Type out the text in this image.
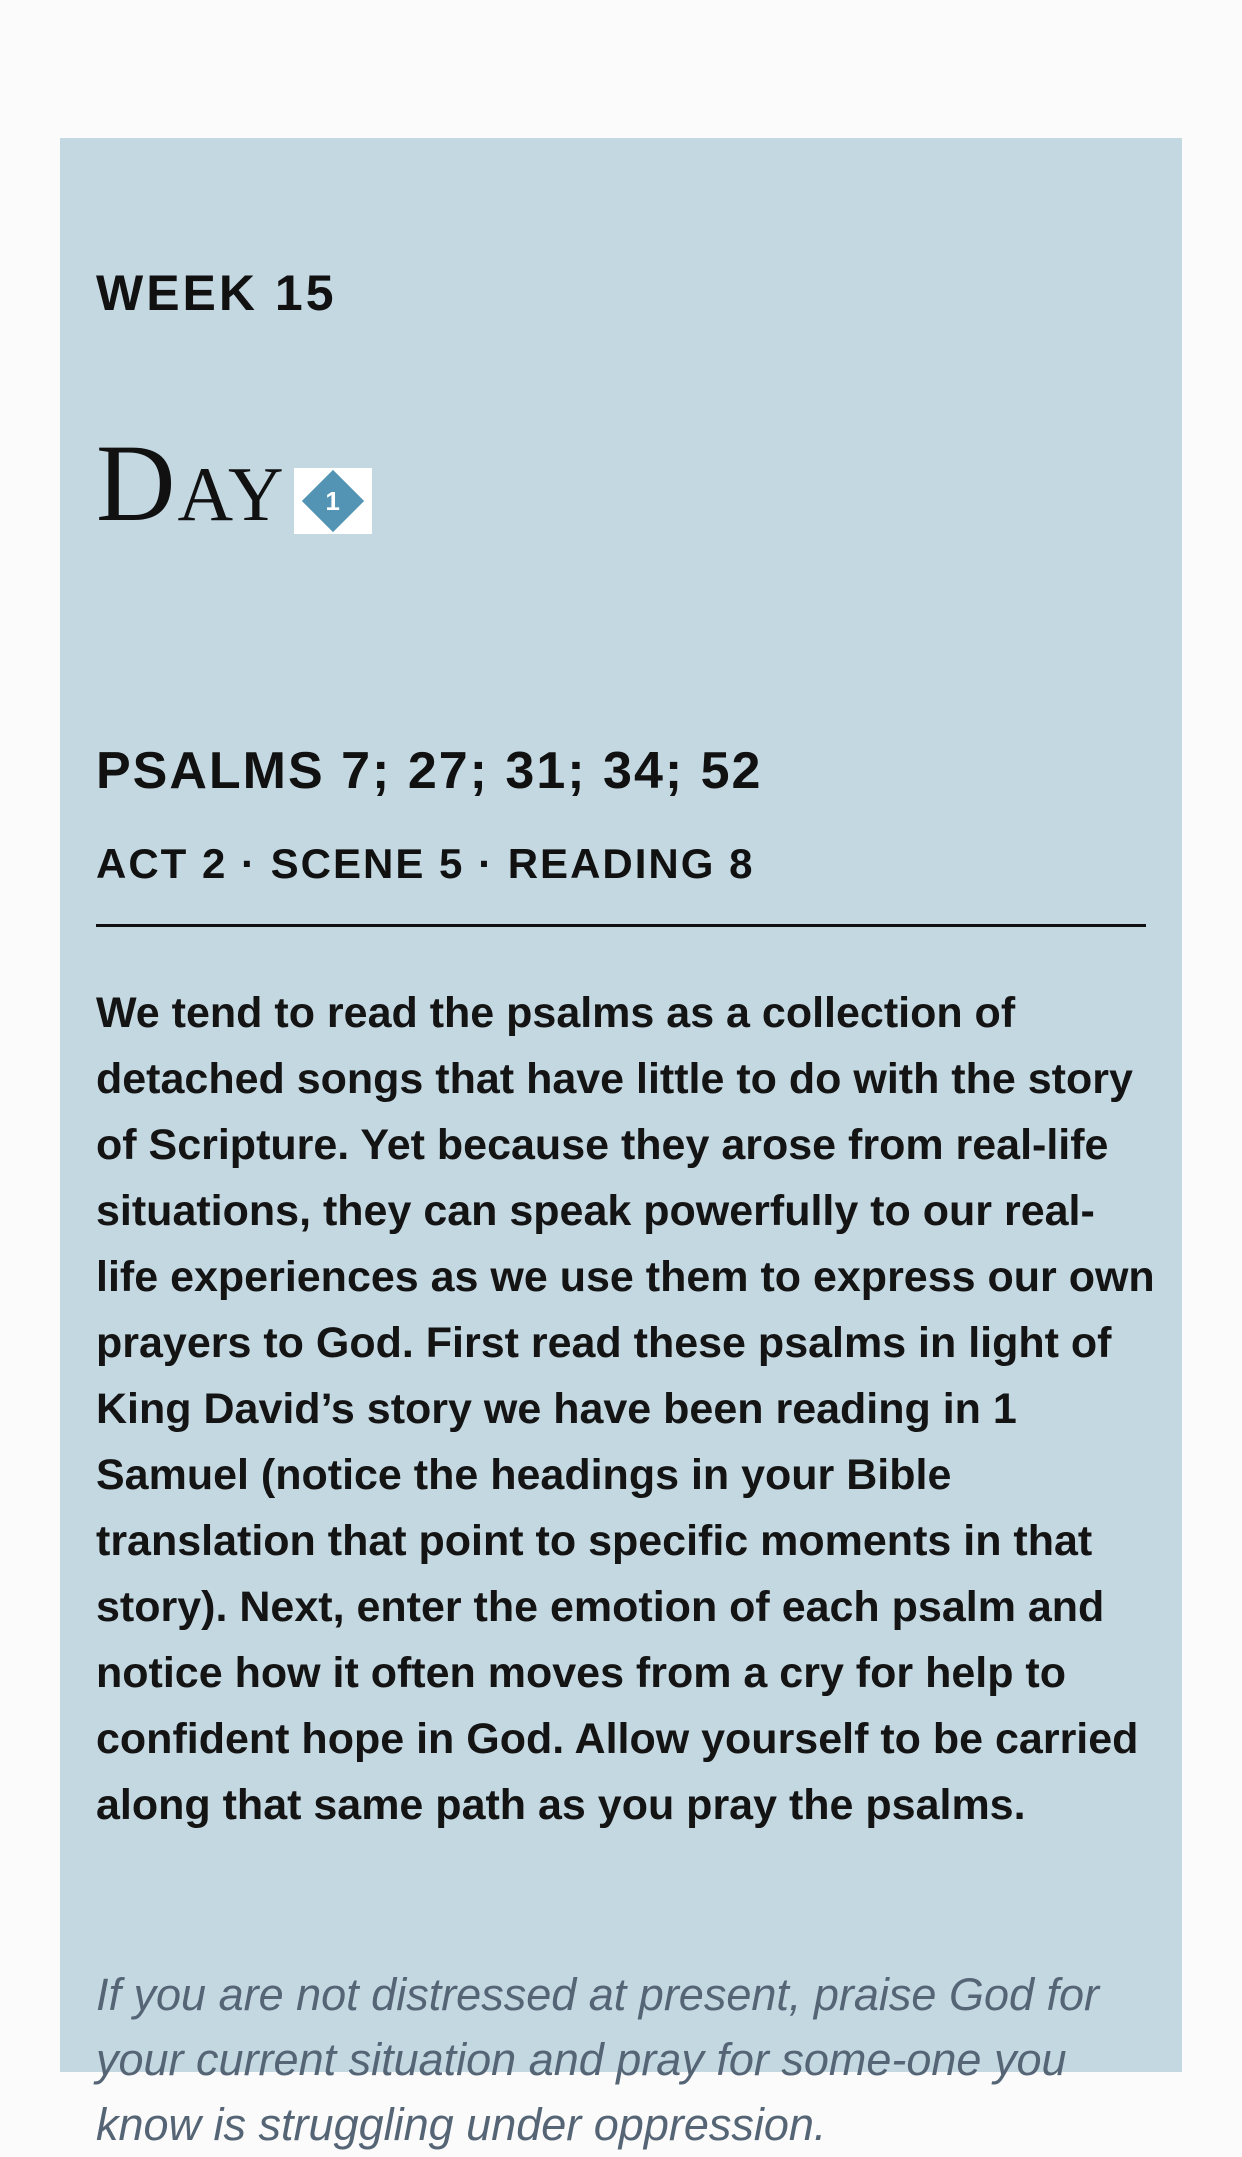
WEEK 15
Day	1
PSALMS 7; 27; 31; 34; 52

ACT 2 · SCENE 5 · READING 8

We tend to read the psalms as a collection of detached songs that have little to do with the story of Scripture. Yet because they arose from real-life situations, they can speak powerfully to our real-life experiences as we use them to express our own prayers to God. First read these psalms in light of King David’s story we have been reading in 1 Samuel (notice the headings in your Bible translation that point to specific moments in that story). Next, enter the emotion of each psalm and notice how it often moves from a cry for help to confident hope in God. Allow yourself to be carried along that same path as you pray the psalms.

If you are not distressed at present, praise God for your current situation and pray for some-one you know is struggling under oppression.
